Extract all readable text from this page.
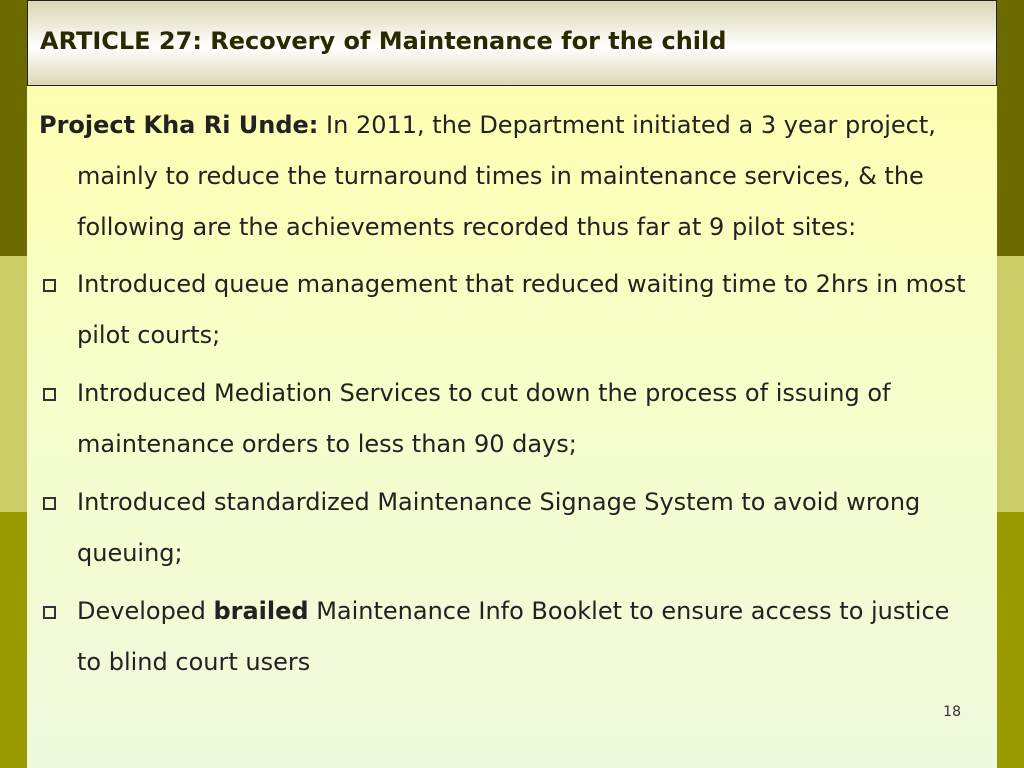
ARTICLE 27: Recovery of Maintenance for the child

Project Kha Ri Unde: In 2011, the Department initiated a 3 year project, mainly to reduce the turnaround times in maintenance services, & the following are the achievements recorded thus far at 9 pilot sites:

Introduced queue management that reduced waiting time to 2hrs in most pilot courts;
Introduced Mediation Services to cut down the process of issuing of maintenance orders to less than 90 days;
Introduced standardized Maintenance Signage System to avoid wrong queuing;
Developed brailed Maintenance Info Booklet to ensure access to justice to blind court users
18
